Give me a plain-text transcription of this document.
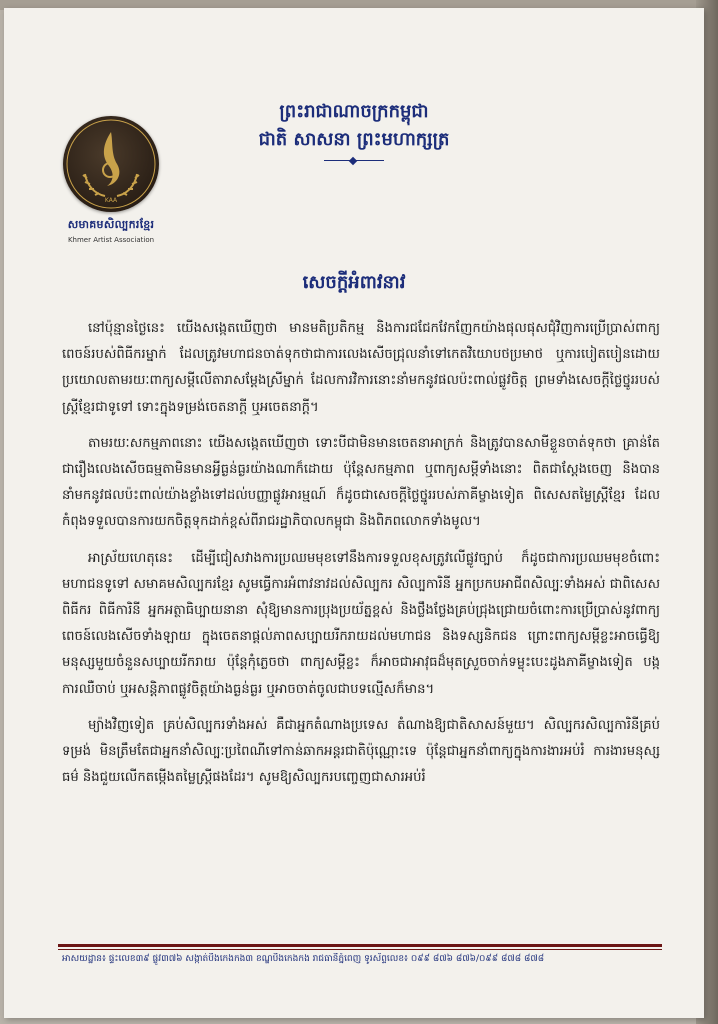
ព្រះរាជាណាចក្រកម្ពុជា
ជាតិ សាសនា ព្រះមហាក្សត្រ
KAA
សមាគមសិល្បករខ្មែរ
Khmer Artist Association
សេចក្ដីអំពាវនាវ

នៅប៉ុន្មានថ្ងៃនេះ យើងសង្កេតឃើញថា មានមតិប្រតិកម្ម និងការជជែកវែកញែកយ៉ាងផុលផុសជុំវិញការប្រើប្រាស់ពាក្យពេចន៍របស់ពិធីករម្នាក់ ដែលត្រូវមហាជនចាត់ទុកថាជាការលេងសើចជ្រុលនាំទៅកេតវិយោបថប្រមាថ ឬការបៀតបៀនដោយប្រយោលតាមរយៈពាក្យសម្ដីលើតារាសម្ដែងស្រីម្នាក់ ដែលការវិការនោះនាំមកនូវផលប៉ះពាល់ផ្លូវចិត្ត ព្រមទាំងសេចក្ដីថ្លៃថ្នូររបស់ស្ត្រីខ្មែរជាទូទៅ ទោះក្នុងទម្រង់ចេតនាក្ដី ឬអចេតនាក្ដី។

តាមរយៈសកម្មភាពនោះ យើងសង្កេតឃើញថា ទោះបីជាមិនមានចេតនាអាក្រក់ និងត្រូវបានសាមីខ្លួនចាត់ទុកថា គ្រាន់តែជារឿងលេងសើចធម្មតាមិនមានអ្វីធ្ងន់ធ្ងរយ៉ាងណាក៏ដោយ ប៉ុន្តែសកម្មភាព ឬពាក្យសម្ដីទាំងនោះ ពិតជាស្ដែងចេញ និងបាននាំមកនូវផលប៉ះពាល់យ៉ាងខ្លាំងទៅដល់បញ្ញាផ្លូវអារម្មណ៍ ក៏ដូចជាសេចក្ដីថ្លៃថ្នូររបស់ភាគីម្ខាងទៀត ពិសេសតម្លៃស្ត្រីខ្មែរ ដែលកំពុងទទួលបានការយកចិត្តទុកដាក់ខ្ពស់ពីរាជរដ្ឋាភិបាលកម្ពុជា និងពិភពលោកទាំងមូល។

អាស្រ័យហេតុនេះ ដើម្បីជៀសវាងការប្រឈមមុខទៅនឹងការទទួលខុសត្រូវលើផ្លូវច្បាប់ ក៏ដូចជាការប្រឈមមុខចំពោះមហាជនទូទៅ សមាគមសិល្បករខ្មែរ សូមធ្វើការអំពាវនាវដល់សិល្បករ សិល្បការិនី អ្នកប្រកបអាជីពសិល្បៈទាំងអស់ ជាពិសេសពិធីករ ពិធីការិនី អ្នកអត្ថាធិប្បាយនានា សុំឱ្យមានការប្រុងប្រយ័ត្នខ្ពស់ និងថ្លឹងថ្លែងគ្រប់ជ្រុងជ្រោយចំពោះការប្រើប្រាស់នូវពាក្យពេចន៍លេងសើចទាំងឡាយ ក្នុងចេតនាផ្ដល់ភាពសប្បាយរីករាយដល់មហាជន និងទស្សនិកជន ព្រោះពាក្យសម្ដីខ្លះអាចធ្វើឱ្យមនុស្សមួយចំនួនសប្បាយរីករាយ ប៉ុន្តែកុំភ្លេចថា ពាក្យសម្ដីខ្លះ ក៏អាចជាអាវុធដ៏មុតស្រួចចាក់ទម្លុះបេះដូងភាគីម្ខាងទៀត បង្កការឈឺចាប់ ឬអសន្តិភាពផ្លូវចិត្តយ៉ាងធ្ងន់ធ្ងរ ឬអាចចាត់ចូលជាបទល្មើសក៏មាន។

ម្យ៉ាងវិញទៀត គ្រប់សិល្បករទាំងអស់ គឺជាអ្នកតំណាងប្រទេស តំណាងឱ្យជាតិសាសន៍មួយ។ សិល្បករសិល្បការិនីគ្រប់ទម្រង់ មិនត្រឹមតែជាអ្នកនាំសិល្បៈប្រពៃណីទៅកាន់ឆាកអន្តរជាតិប៉ុណ្ណោះទេ ប៉ុន្តែជាអ្នកនាំពាក្យក្នុងការងារអប់រំ ការងារមនុស្សធម៌ និងជួយលើកតម្កើងតម្លៃស្ត្រីផងដែរ។ សូមឱ្យសិល្បករបញ្ចេញជាសារអប់រំ

អាសយដ្ឋាន៖ ផ្ទះលេខ៣៩ ផ្លូវ៣៧៦ សង្កាត់បឹងកេងកង៣ ខណ្ឌបឹងកេងកង រាជធានីភ្នំពេញ ទូរស័ព្ទលេខ៖ ០៩៩ ៨៧៦ ៨៧៦/០៩៩ ៨៧៨ ៨៧៨
